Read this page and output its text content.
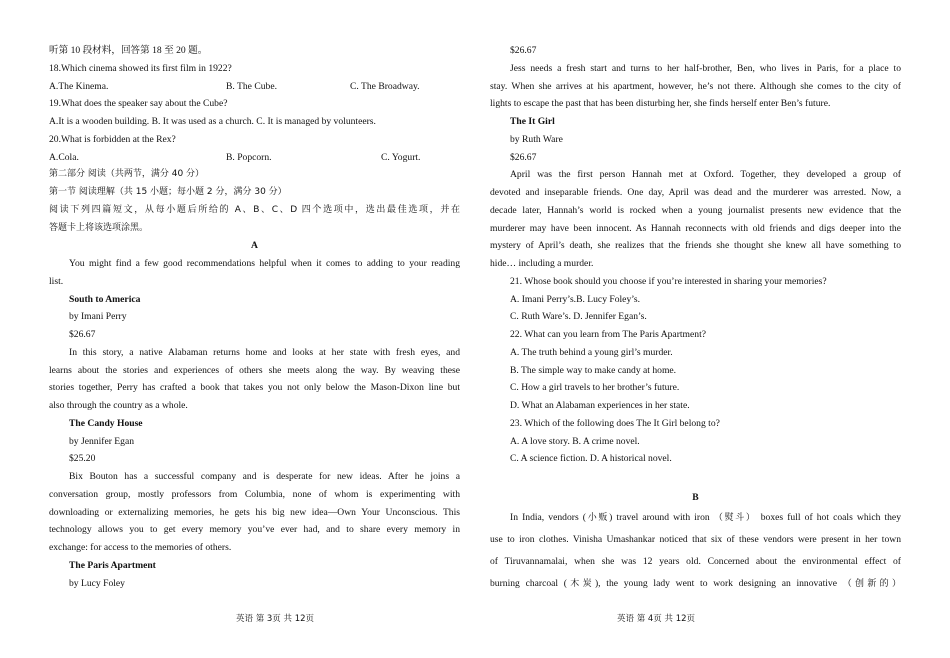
听第 10 段材料，回答第 18 至 20 题。
18.Which cinema showed its first film in 1922?
A.The Kinema.	B. The Cube.	C. The Broadway.
19.What does the speaker say about the Cube?
A.It is a wooden building. B. It was used as a church. C. It is managed by volunteers.
20.What is forbidden at the Rex?
A.Cola.	B. Popcorn.	C. Yogurt.
第二部分 阅读（共两节，满分 40 分）
第一节 阅读理解（共 15 小题；每小题 2 分，满分 30 分）
阅读下列四篇短文，从每小题后所给的 A、B、C、D 四个选项中，选出最佳选项，并在
答题卡上将该选项涂黑。
A
You might find a few good recommendations helpful when it comes to adding to your reading
list.
South to America
by Imani Perry
$26.67
In this story, a native Alabaman returns home and looks at her state with fresh eyes, and
learns about the stories and experiences of others she meets along the way. By weaving these
stories together, Perry has crafted a book that takes you not only below the Mason-Dixon line but
also through the country as a whole.
The Candy House
by Jennifer Egan
$25.20
Bix Bouton has a successful company and is desperate for new ideas. After he joins a
conversation group, mostly professors from Columbia, none of whom is experimenting with
downloading or externalizing memories, he gets his big new idea—Own Your Unconscious. This
technology allows you to get every memory you’ve ever had, and to share every memory in
exchange: for access to the memories of others.
The Paris Apartment
by Lucy Foley
$26.67
Jess needs a fresh start and turns to her half-brother, Ben, who lives in Paris, for a place to
stay. When she arrives at his apartment, however, he’s not there. Although she comes to the city of
lights to escape the past that has been disturbing her, she finds herself enter Ben’s future.
The It Girl
by Ruth Ware
$26.67
April was the first person Hannah met at Oxford. Together, they developed a group of
devoted and inseparable friends. One day, April was dead and the murderer was arrested. Now, a
decade later, Hannah’s world is rocked when a young journalist presents new evidence that the
murderer may have been innocent. As Hannah reconnects with old friends and digs deeper into the
mystery of April’s death, she realizes that the friends she thought she knew all have something to
hide… including a murder.
21. Whose book should you choose if you’re interested in sharing your memories?
A. Imani Perry’s.B. Lucy Foley’s.
C. Ruth Ware’s. D. Jennifer Egan’s.
22. What can you learn from The Paris Apartment?
A. The truth behind a young girl’s murder.
B. The simple way to make candy at home.
C. How a girl travels to her brother’s future.
D. What an Alabaman experiences in her state.
23. Which of the following does The It Girl belong to?
A. A love story. B. A crime novel.
C. A science fiction. D. A historical novel.
B
In India, vendors (小贩) travel around with iron （熨斗） boxes full of hot coals which they
use to iron clothes. Vinisha Umashankar noticed that six of these vendors were present in her town
of Tiruvannamalai, when she was 12 years old. Concerned about the environmental effect of
burning charcoal (木炭), the young lady went to work designing an innovative （创新的）
英语 第 3页 共 12页	英语 第 4页 共 12页
